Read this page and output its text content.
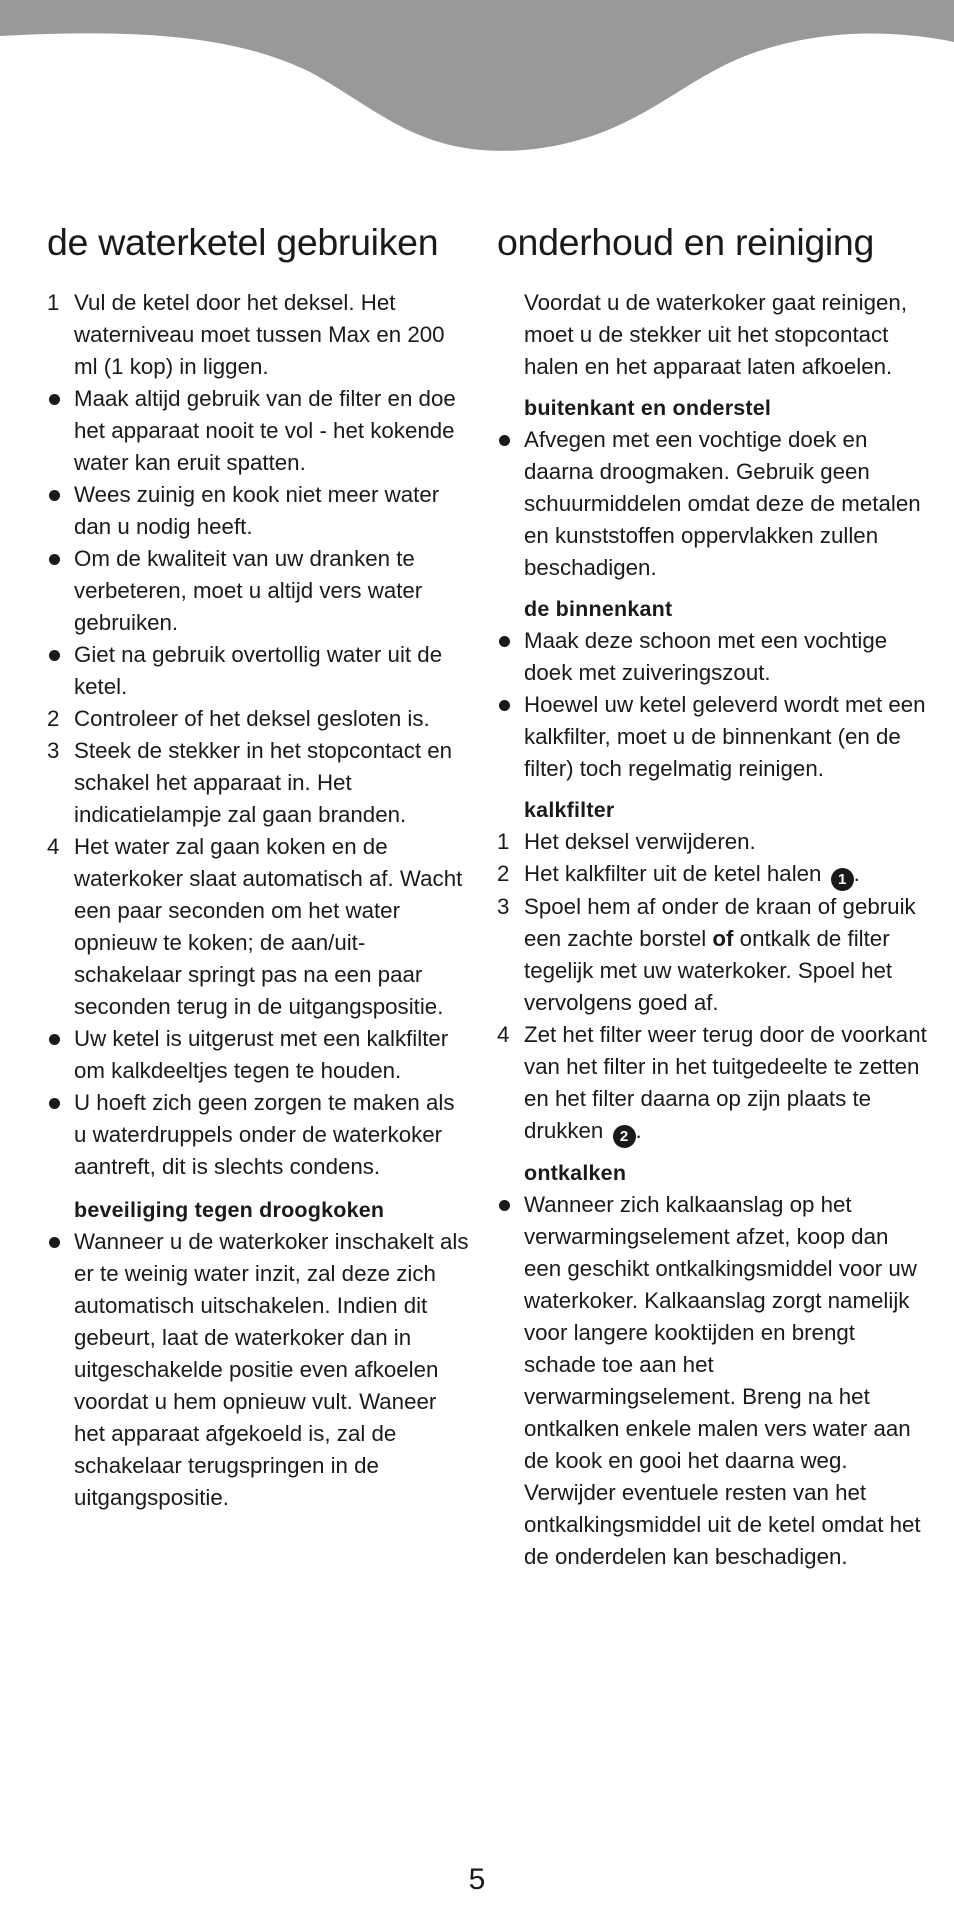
de waterketel gebruiken
1 Vul de ketel door het deksel. Het waterniveau moet tussen Max en 200 ml (1 kop) in liggen.
Maak altijd gebruik van de filter en doe het apparaat nooit te vol - het kokende water kan eruit spatten.
Wees zuinig en kook niet meer water dan u nodig heeft.
Om de kwaliteit van uw dranken te verbeteren, moet u altijd vers water gebruiken.
Giet na gebruik overtollig water uit de ketel.
2 Controleer of het deksel gesloten is.
3 Steek de stekker in het stopcontact en schakel het apparaat in. Het indicatielampje zal gaan branden.
4 Het water zal gaan koken en de waterkoker slaat automatisch af. Wacht een paar seconden om het water opnieuw te koken; de aan/uit-schakelaar springt pas na een paar seconden terug in de uitgangspositie.
Uw ketel is uitgerust met een kalkfilter om kalkdeeltjes tegen te houden.
U hoeft zich geen zorgen te maken als u waterdruppels onder de waterkoker aantreft, dit is slechts condens.
beveiliging tegen droogkoken
Wanneer u de waterkoker inschakelt als er te weinig water inzit, zal deze zich automatisch uitschakelen. Indien dit gebeurt, laat de waterkoker dan in uitgeschakelde positie even afkoelen voordat u hem opnieuw vult. Waneer het apparaat afgekoeld is, zal de schakelaar terugspringen in de uitgangspositie.
onderhoud en reiniging

Voordat u de waterkoker gaat reinigen, moet u de stekker uit het stopcontact halen en het apparaat laten afkoelen.

buitenkant en onderstel
Afvegen met een vochtige doek en daarna droogmaken. Gebruik geen schuurmiddelen omdat deze de metalen en kunststoffen oppervlakken zullen beschadigen.
de binnenkant
Maak deze schoon met een vochtige doek met zuiveringszout.
Hoewel uw ketel geleverd wordt met een kalkfilter, moet u de binnenkant (en de filter) toch regelmatig reinigen.
kalkfilter
1 Het deksel verwijderen.
2 Het kalkfilter uit de ketel halen 1 .
3 Spoel hem af onder de kraan of gebruik een zachte borstel of ontkalk de filter tegelijk met uw waterkoker. Spoel het vervolgens goed af.
4 Zet het filter weer terug door de voorkant van het filter in het tuitgedeelte te zetten en het filter daarna op zijn plaats te drukken 2 .
ontkalken
Wanneer zich kalkaanslag op het verwarmingselement afzet, koop dan een geschikt ontkalkingsmiddel voor uw waterkoker. Kalkaanslag zorgt namelijk voor langere kooktijden en brengt schade toe aan het verwarmingselement. Breng na het ontkalken enkele malen vers water aan de kook en gooi het daarna weg. Verwijder eventuele resten van het ontkalkingsmiddel uit de ketel omdat het de onderdelen kan beschadigen.
5
